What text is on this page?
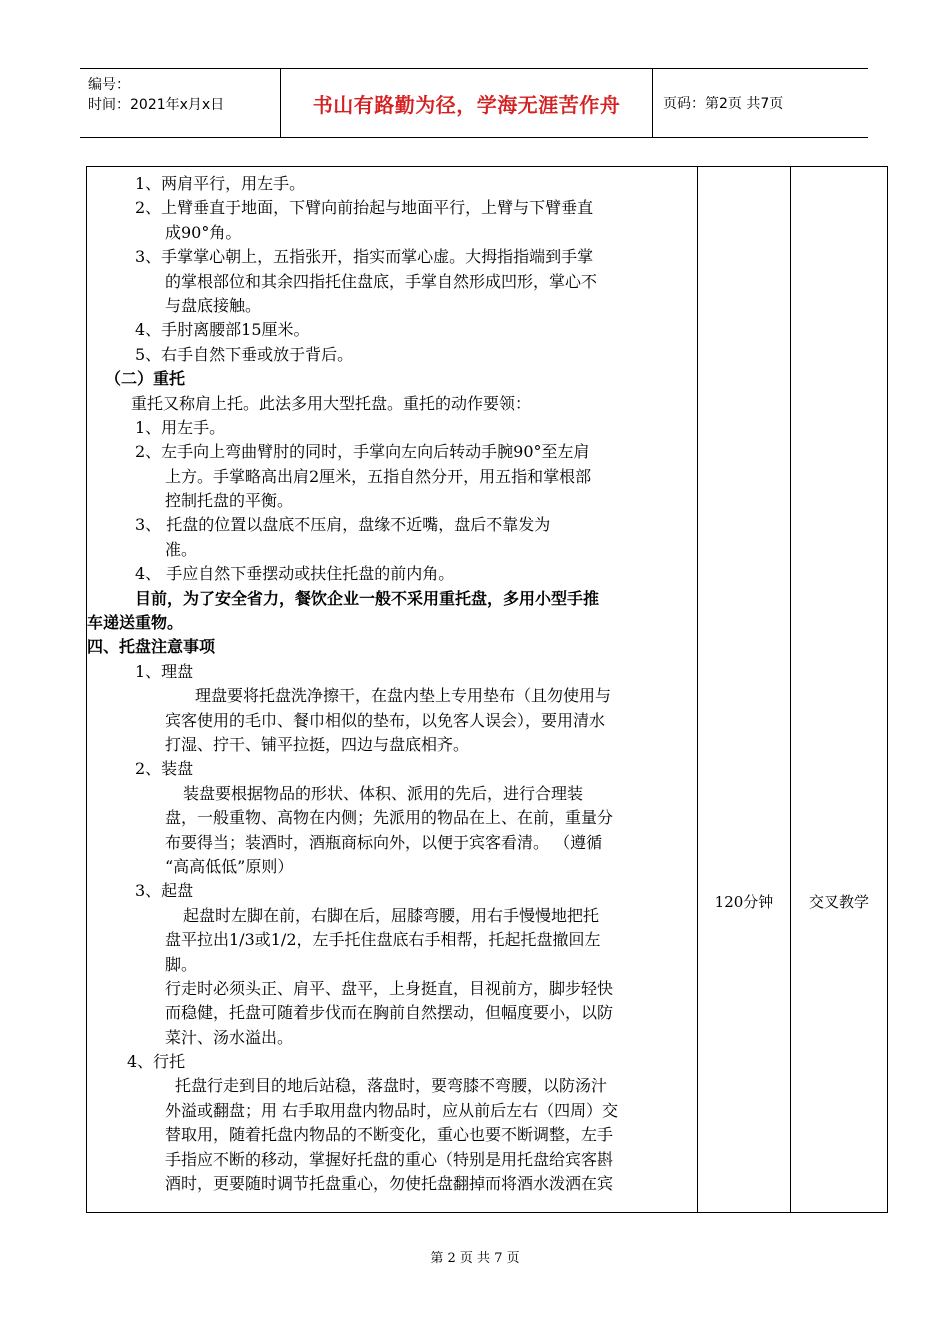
编号：
时间：2021年x月x日	书山有路勤为径，学海无涯苦作舟	页码：第2页 共7页
1、两肩平行，用左手。
2、上臂垂直于地面，下臂向前抬起与地面平行，上臂与下臂垂直
成90°角。
3、手掌掌心朝上，五指张开，指实而掌心虚。大拇指指端到手掌
的掌根部位和其余四指托住盘底，手掌自然形成凹形，掌心不
与盘底接触。
4、手肘离腰部15厘米。
5、右手自然下垂或放于背后。
（二）重托
重托又称肩上托。此法多用大型托盘。重托的动作要领：
1、用左手。
2、左手向上弯曲臂肘的同时，手掌向左向后转动手腕90°至左肩
上方。手掌略高出肩2厘米，五指自然分开，用五指和掌根部
控制托盘的平衡。
3、 托盘的位置以盘底不压肩，盘缘不近嘴，盘后不靠发为
准。
4、 手应自然下垂摆动或扶住托盘的前内角。
目前，为了安全省力，餐饮企业一般不采用重托盘，多用小型手推
车递送重物。
四、托盘注意事项
1、理盘
理盘要将托盘洗净擦干，在盘内垫上专用垫布（且勿使用与
宾客使用的毛巾、餐巾相似的垫布，以免客人误会），要用清水
打湿、拧干、铺平拉挺，四边与盘底相齐。
2、装盘
装盘要根据物品的形状、体积、派用的先后，进行合理装
盘，一般重物、高物在内侧；先派用的物品在上、在前，重量分
布要得当；装酒时，酒瓶商标向外，以便于宾客看清。 （遵循
“高高低低”原则）
3、起盘
起盘时左脚在前，右脚在后，屈膝弯腰，用右手慢慢地把托
盘平拉出1/3或1/2，左手托住盘底右手相帮，托起托盘撤回左
脚。
行走时必须头正、肩平、盘平，上身挺直，目视前方，脚步轻快
而稳健，托盘可随着步伐而在胸前自然摆动，但幅度要小，以防
菜汁、汤水溢出。
4、行托
托盘行走到目的地后站稳，落盘时，要弯膝不弯腰，以防汤汁
外溢或翻盘；用 右手取用盘内物品时，应从前后左右（四周）交
替取用，随着托盘内物品的不断变化，重心也要不断调整，左手
手指应不断的移动，掌握好托盘的重心（特别是用托盘给宾客斟
酒时，更要随时调节托盘重心，勿使托盘翻掉而将酒水泼洒在宾
120分钟	交叉教学
第 2 页 共 7 页
